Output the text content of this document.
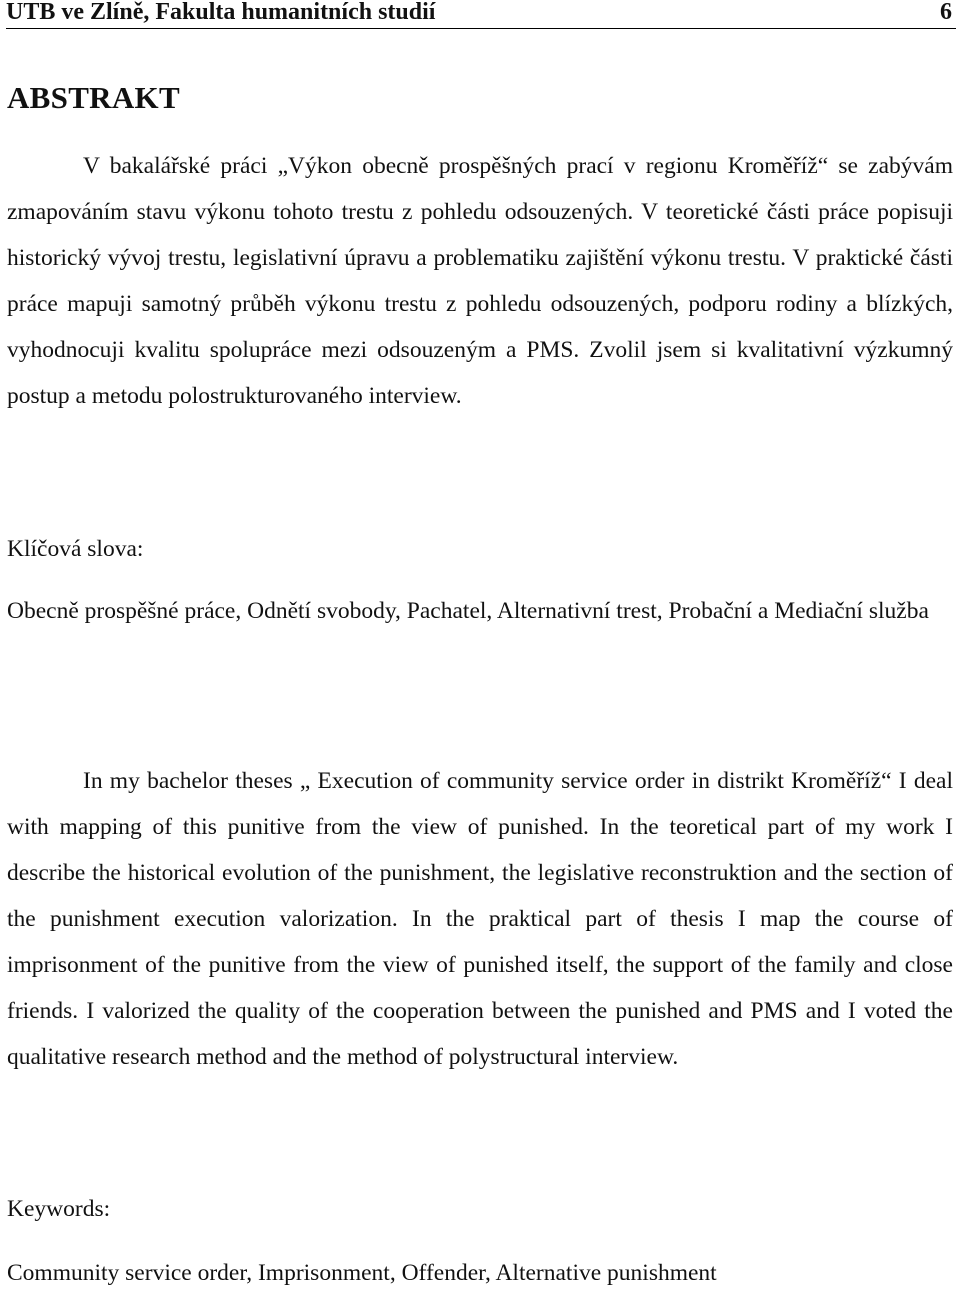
UTB ve Zlíně, Fakulta humanitních studií	6
ABSTRAKT

V bakalářské práci „Výkon obecně prospěšných prací v regionu Kroměříž“ se zabývám zmapováním stavu výkonu tohoto trestu z pohledu odsouzených. V teoretické části práce popisuji historický vývoj trestu, legislativní úpravu a problematiku zajištění výkonu trestu. V praktické části práce mapuji samotný průběh výkonu trestu z pohledu odsouzených, podporu rodiny a blízkých, vyhodnocuji kvalitu spolupráce mezi odsouzeným a PMS. Zvolil jsem si kvalitativní výzkumný postup a metodu polostrukturovaného interview.

Klíčová slova:

Obecně prospěšné práce, Odnětí svobody, Pachatel, Alternativní trest, Probační a Mediační služba

In my bachelor theses „ Execution of community service order in distrikt Kroměříž“ I deal with mapping of this punitive from the view of punished. In the teoretical part of my work I describe the historical evolution of the punishment, the legislative reconstruktion and the section of the punishment execution valorization. In the praktical part of thesis I map the course of imprisonment of the punitive from the view of punished itself, the support of the family and close friends. I valorized the quality of the cooperation between the punished and PMS and I voted the qualitative research method and the method of polystructural interview.

Keywords:

Community service order, Imprisonment, Offender, Alternative punishment
